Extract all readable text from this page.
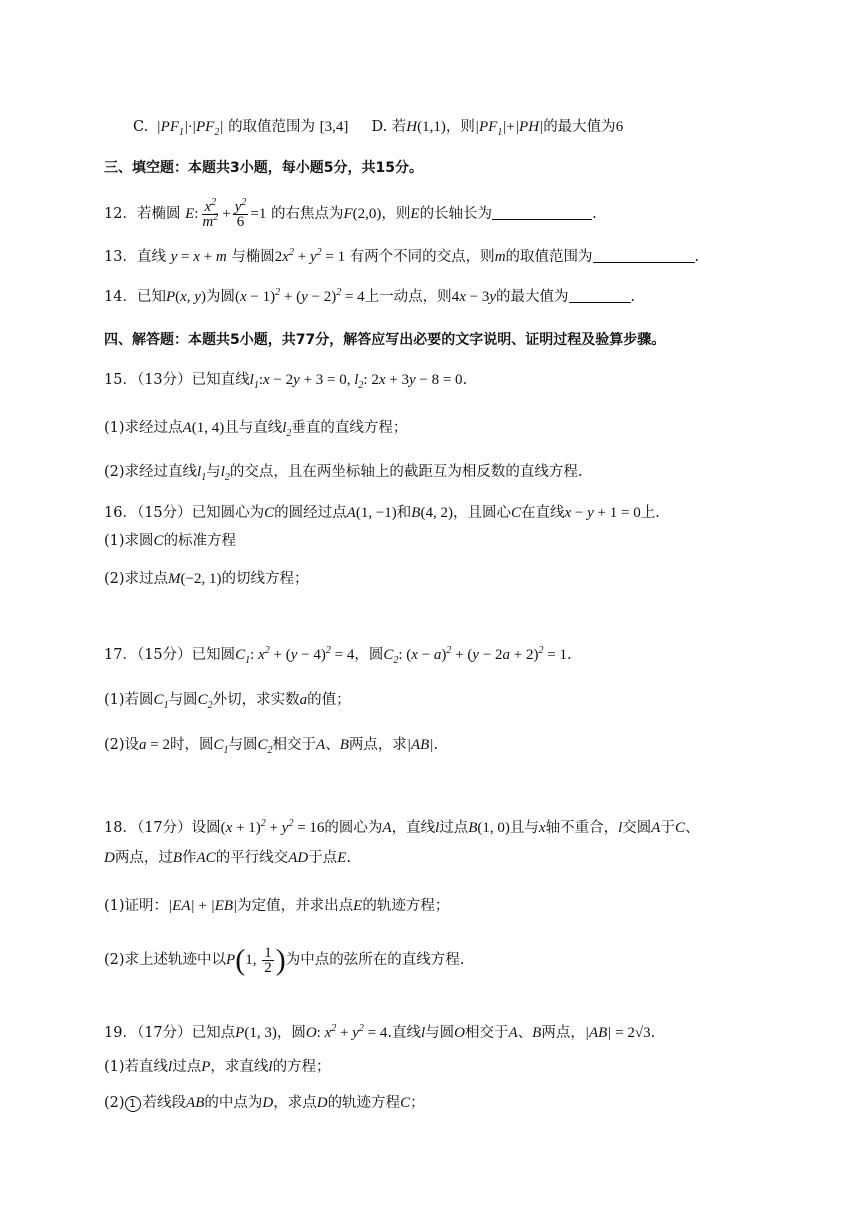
C.  $|PF_1|\cdot|PF_2|$ 的取值范围为 [3,4] D. 若H(1,1)，则$|PF_1|+|PH|$的最大值为6
三、填空题：本题共3小题，每小题5分，共15分。
12．若椭圆 E: $\frac{x^2}{m^2} + \frac{y^2}{6} =1$ 的右焦点为F(2,0)，则E的长轴长为	.
13．直线 y = x + m 与椭圆$2x^2 + y^2 = 1$ 有两个不同的交点，则m的取值范围为	.
14．已知P(x, y)为圆$(x - 1)^2 + (y - 2)^2 = 4$上一动点，则4x − 3y的最大值为	.
四、解答题：本题共5小题，共77分，解答应写出必要的文字说明、证明过程及验算步骤。
15．（13分）已知直线$l_1:x - 2y + 3 = 0$, $l_2$: 2x + 3y − 8 = 0.
(1)求经过点A(1, 4)且与直线$l_2$垂直的直线方程；
(2)求经过直线$l_1$与$l_2$的交点，且在两坐标轴上的截距互为相反数的直线方程.
16．（15分）已知圆心为C的圆经过点A(1, −1)和B(4, 2)，且圆心C在直线x − y + 1 = 0上.
(1)求圆C的标准方程
(2)求过点M(−2, 1)的切线方程；
17．（15分）已知圆$C_1$: $x^2 + (y - 4)^2 = 4$，圆$C_2$: $(x - a)^2 + (y - 2a + 2)^2 = 1$.
(1)若圆$C_1$与圆$C_2$外切，求实数a的值；
(2)设a = 2时，圆$C_1$与圆$C_2$相交于A、B两点，求|AB|.
18．（17分）设圆$(x + 1)^2 + y^2 = 16$的圆心为A，直线l过点B(1, 0)且与x轴不重合，l交圆A于C、
D两点，过B作AC的平行线交AD于点E.
(1)证明：|EA| + |EB|为定值，并求出点E的轨迹方程；
(2)求上述轨迹中以P(1, $\frac{1}{2}$ )为中点的弦所在的直线方程.
19．（17分）已知点P(1, 3)，圆O: $x^2 + y^2 = 4$.直线l与圆O相交于A、B两点，|AB| = 2√3.
(1)若直线l过点P，求直线l的方程；
(2) 1 若线段AB的中点为D，求点D的轨迹方程C；
